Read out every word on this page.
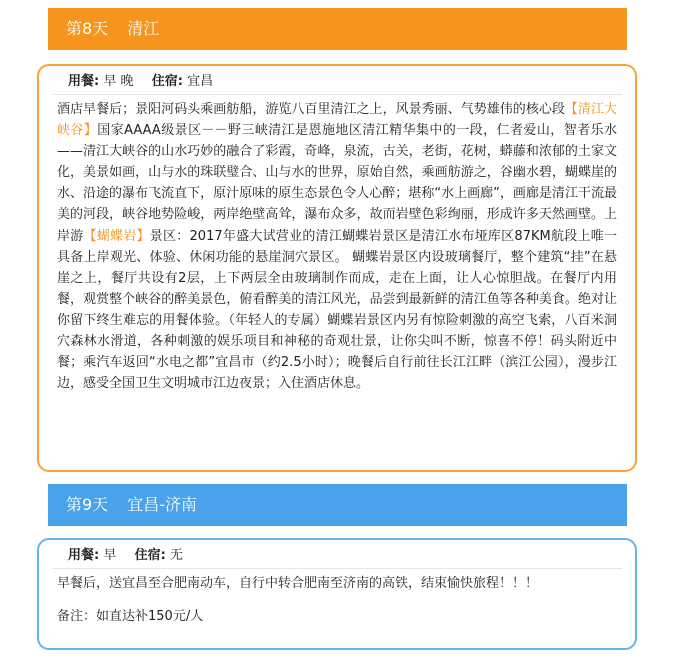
第8天 清江
用餐: 早 晚 住宿: 宜昌
酒店早餐后；景阳河码头乘画舫船，游览八百里清江之上，风景秀丽、气势雄伟的核心段【清江大峡谷】国家AAAA级景区－－野三峡清江是恩施地区清江精华集中的一段，仁者爱山，智者乐水——清江大峡谷的山水巧妙的融合了彩霞，奇峰，泉流，古关，老街，花树，蟒藤和浓郁的土家文化，美景如画，山与水的珠联璧合、山与水的世界，原始自然，乘画舫游之，谷幽水碧，蝴蝶崖的水、沿途的瀑布飞流直下，原汁原味的原生态景色令人心醉；堪称“水上画廊”，画廊是清江干流最美的河段，峡谷地势险峻，两岸绝壁高耸，瀑布众多，故而岩壁色彩绚丽，形成许多天然画壁。上岸游【蝴蝶岩】景区：2017年盛大试营业的清江蝴蝶岩景区是清江水布垭库区87KM航段上唯一具备上岸观光、体验、休闲功能的悬崖洞穴景区。 蝴蝶岩景区内设玻璃餐厅，整个建筑“挂”在悬崖之上，餐厅共设有2层，上下两层全由玻璃制作而成，走在上面，让人心惊胆战。在餐厅内用餐，观赏整个峡谷的醉美景色，俯看醉美的清江风光，品尝到最新鲜的清江鱼等各种美食。绝对让你留下终生难忘的用餐体验。（年轻人的专属）蝴蝶岩景区内另有惊险刺激的高空飞索，八百米洞穴森林水滑道，各种刺激的娱乐项目和神秘的奇观壮景，让你尖叫不断，惊喜不停！码头附近中餐；乘汽车返回“水电之都”宜昌市（约2.5小时）；晚餐后自行前往长江江畔（滨江公园），漫步江边，感受全国卫生文明城市江边夜景；入住酒店休息。
第9天 宜昌-济南
用餐: 早 住宿: 无
早餐后，送宜昌至合肥南动车，自行中转合肥南至济南的高铁，结束愉快旅程！！！
备注：如直达补150元/人
